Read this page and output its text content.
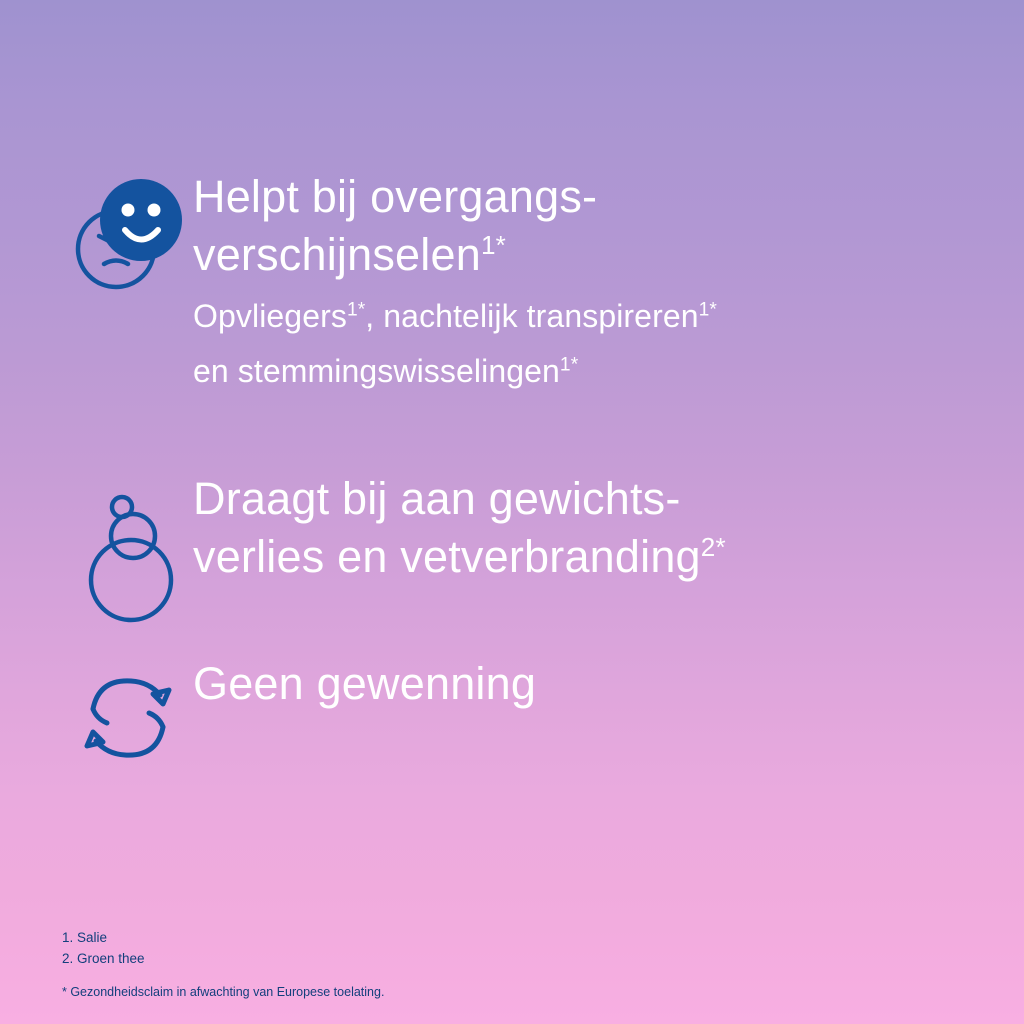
Helpt bij overgangs-
verschijnselen$^{1*}$
Opvliegers$^{1*}$, nachtelijk transpireren$^{1*}$
en stemmingswisselingen$^{1*}$
Draagt bij aan gewichts-
verlies en vetverbranding$^{2*}$
Geen gewenning
1. Salie
2. Groen thee
* Gezondheidsclaim in afwachting van Europese toelating.
